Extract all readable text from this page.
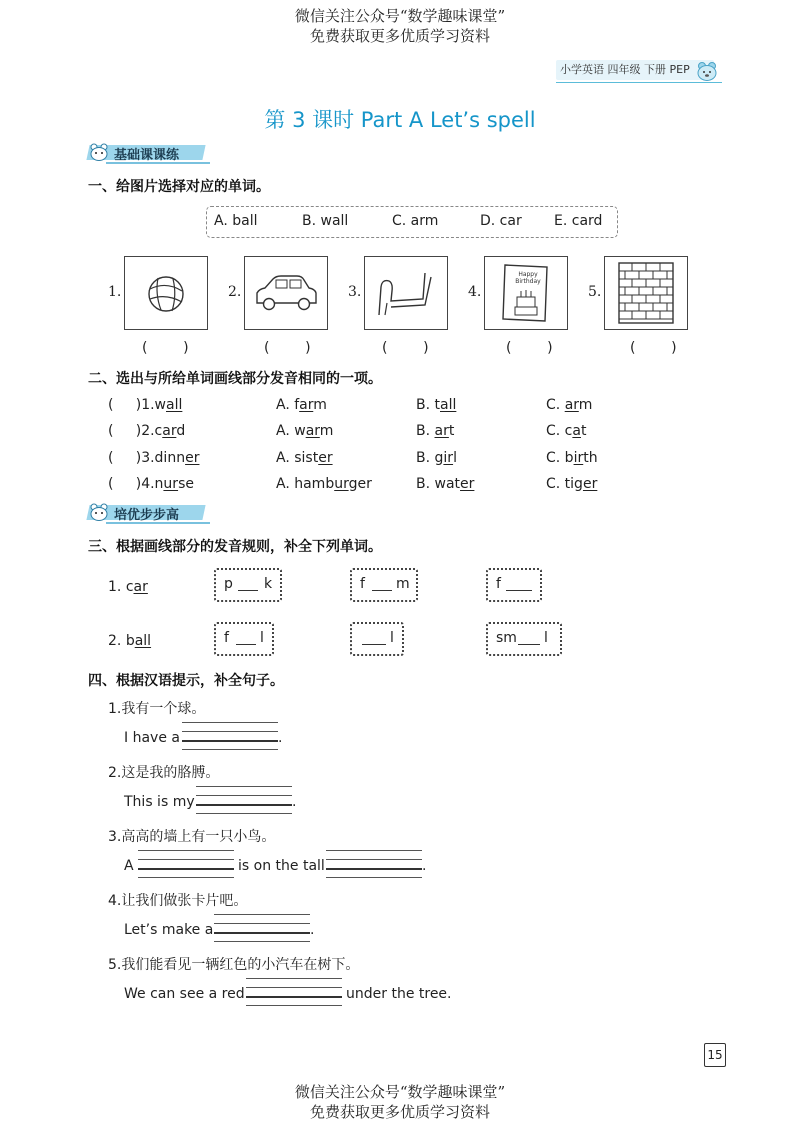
微信关注公众号“数学趣味课堂”
免费获取更多优质学习资料
小学英语 四年级 下册 PEP
第 3 课时 Part A Let’s spell
基础课课练
一、给图片选择对应的单词。
A. ball	B. wall	C. arm	D. car E. card
1.	2.	3.	4.
Happy Birthday
5.
(        )	(        )	(        )	(        )	(        )
二、选出与所给单词画线部分发音相同的一项。
(     )1.wall	A. farm	B. tall	C. arm
(     )2.card	A. warm	B. art	C. cat
(     )3.dinner	A. sister	B. girl	C. birth
(     )4.nurse	A. hamburger	B. water	C. tiger
培优步步高
三、根据画线部分的发音规则，补全下列单词。
1. car	p k	f m	f
2. ball	f l	l	sm l
四、根据汉语提示，补全句子。
1.我有一个球。
I have a	.
2.这是我的胳膊。
This is my	.
3.高高的墙上有一只小鸟。
A	is on the tall	.
4.让我们做张卡片吧。
Let’s make a	.
5.我们能看见一辆红色的小汽车在树下。
We can see a red	under the tree.
15
微信关注公众号“数学趣味课堂”
免费获取更多优质学习资料
